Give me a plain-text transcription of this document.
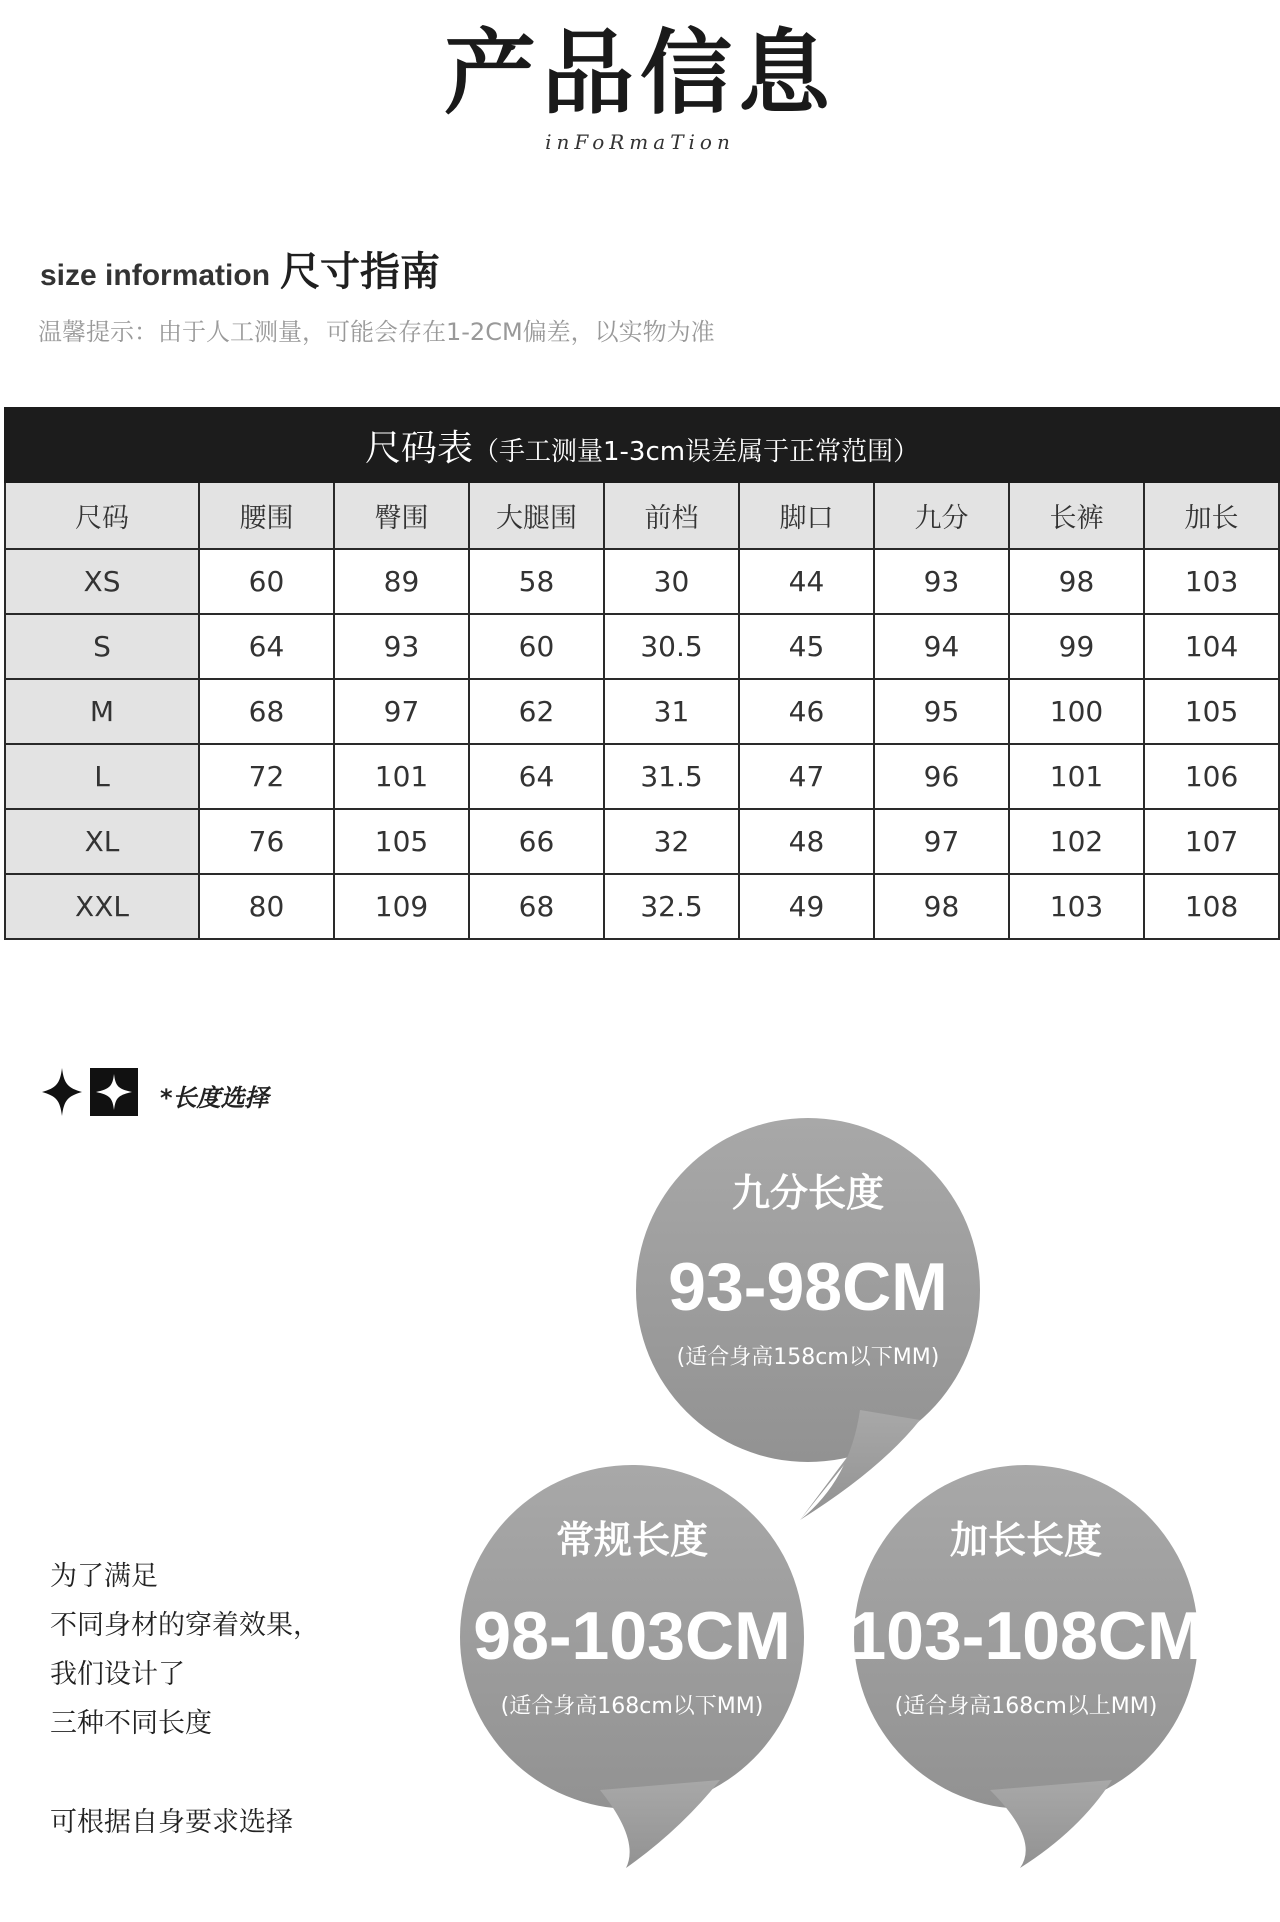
产品信息
inFoRmaTion
size information 尺寸指南
温馨提示：由于人工测量，可能会存在1-2CM偏差，以实物为准
尺码表（手工测量1-3cm误差属于正常范围）								
尺码	腰围	臀围	大腿围	前档	脚口	九分	长裤	加长
XS	60	89	58	30	44	93	98	103
S	64	93	60	30.5	45	94	99	104
M	68	97	62	31	46	95	100	105
L	72	101	64	31.5	47	96	101	106
XL	76	105	66	32	48	97	102	107
XXL	80	109	68	32.5	49	98	103	108
*长度选择
九分长度
93-98CM
(适合身高158cm以下MM)
常规长度
98-103CM
(适合身高168cm以下MM)
加长长度
103-108CM
(适合身高168cm以上MM)
为了满足
不同身材的穿着效果，
我们设计了
三种不同长度
可根据自身要求选择
